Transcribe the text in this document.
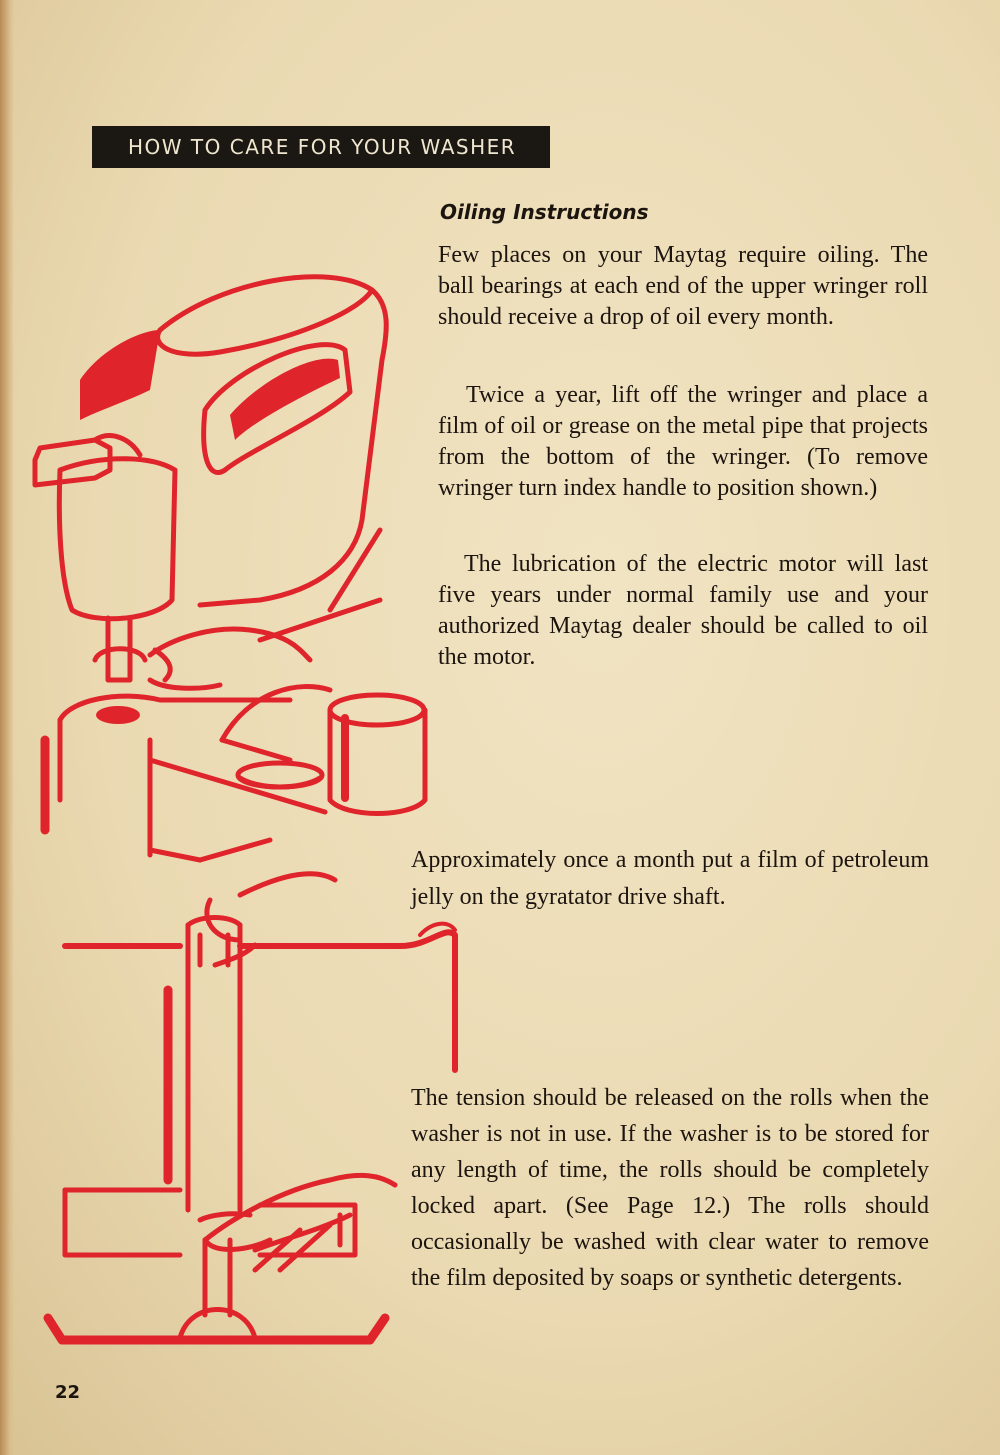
HOW TO CARE FOR YOUR WASHER
Oiling Instructions

Few places on your Maytag require oiling. The ball bearings at each end of the upper wringer roll should receive a drop of oil every month.

Twice a year, lift off the wringer and place a film of oil or grease on the metal pipe that projects from the bottom of the wringer. (To remove wringer turn index handle to position shown.)

The lubrication of the electric motor will last five years under normal family use and your authorized Maytag dealer should be called to oil the motor.

Approximately once a month put a film of petroleum jelly on the gyratator drive shaft.

The tension should be released on the rolls when the washer is not in use. If the washer is to be stored for any length of time, the rolls should be completely locked apart. (See Page 12.) The rolls should occasionally be washed with clear water to remove the film deposited by soaps or synthetic detergents.

22
